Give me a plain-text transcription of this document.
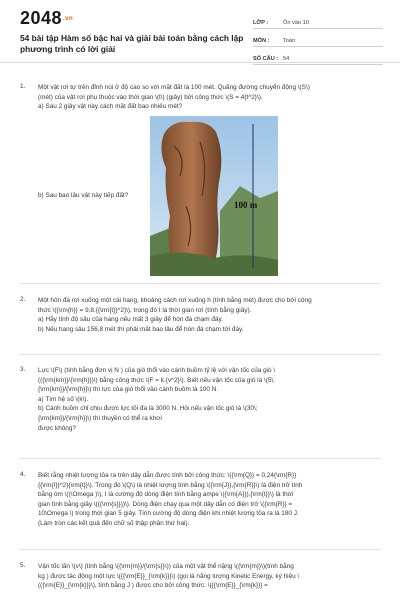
2048.vn
54 bài tập Hàm số bậc hai và giải bài toán bằng cách lập phương trình có lời giải
LỚP :	Ôn vào 10
MÔN :	Toán
SỐ CÂU : 54
1. Một vật rơi tự trên đỉnh núi ở độ cao so với mặt đất là 100 mét. Quãng đường chuyển động \(S\)
(mét) của vật rơi phụ thuộc vào thời gian \(t\) (giây) bởi công thức \(S = 4{t^2}\).
a) Sau 2 giây vật này cách mặt đất bao nhiêu mét?
b) Sau bao lâu vật này tiếp đất?
100 m
2. Một hòn đá rơi xuống một cái hang, khoảng cách rơi xuống h (tính bằng mét) được cho bởi công
thức \({\rm{h}} = 9,8.{{\rm{t}}^2}\), trong đó t là thời gian rơi (tính bằng giây).
a) Hãy tính độ sâu của hang nếu mất 3 giây để hòn đá chạm đáy.
b) Nếu hang sâu 156,8 mét thì phải mất bao lâu để hòn đá chạm tới đáy.
3. Lực \(F\) (tính bằng đơn vị N ) của gió thổi vào cánh buồm tỷ lệ với vận tốc của gió \
(({\rm{km}}/{\rm{h}})\) bằng công thức \(F = k.{v^2}\). Biết nếu vận tốc của gió là \(5\;
{\rm{km}}/{\rm{h}}\) thì lực của gió thổi vào cánh buồm là 100 N.
a) Tìm hệ số \(k\).
b) Cánh buồm chỉ chịu được lực tối đa là 3000 N. Hỏi nếu vận tốc gió là \(30\;
{\rm{km}}/{\rm{h}}\) thì thuyền có thể ra khơi
được không?
4. Biết rằng nhiệt lượng tỏa ra trên dây dẫn được tính bởi công thức: \({\rm{Q}} = 0,24{\rm{R}}
{{\rm{I}}^2}{\rm{t}}\). Trong đó \(Q\) là nhiệt lượng tính bằng \({\rm{J}},{\rm{R}}\) là điện trở tính
bằng ôm \((\Omega )\), I là cường độ dòng điện tính bằng ampe \({\rm{A}}),{\rm{t}}\) là thời
gian tính bằng giây \(({\rm{s}}))\). Dòng điện chạy qua một dây dẫn có điện trở \({\rm{R}} =
10\Omega \) trong thời gian 5 giây. Tính cường độ dòng điện khi nhiệt lượng tỏa ra là 180 J.
(Làm tròn các kết quả đến chữ số thập phân thứ hai).
5. Vận tốc lăn \(v\) (tính bằng \({\rm{m}}/{\rm{s}}\)) của một vật thể nặng \({\rm{m}}\)(tính bằng
kg ) được tác động một lực \({{\rm{E}}_{\rm{k}}}\) (gọi là năng lượng Kinetic Energy, ký hiệu \
(({\rm{E}}_{\rm{k}}}\), tính bằng J ) được cho bởi công thức: \({{\rm{E}}_{\rm{k}}} =
